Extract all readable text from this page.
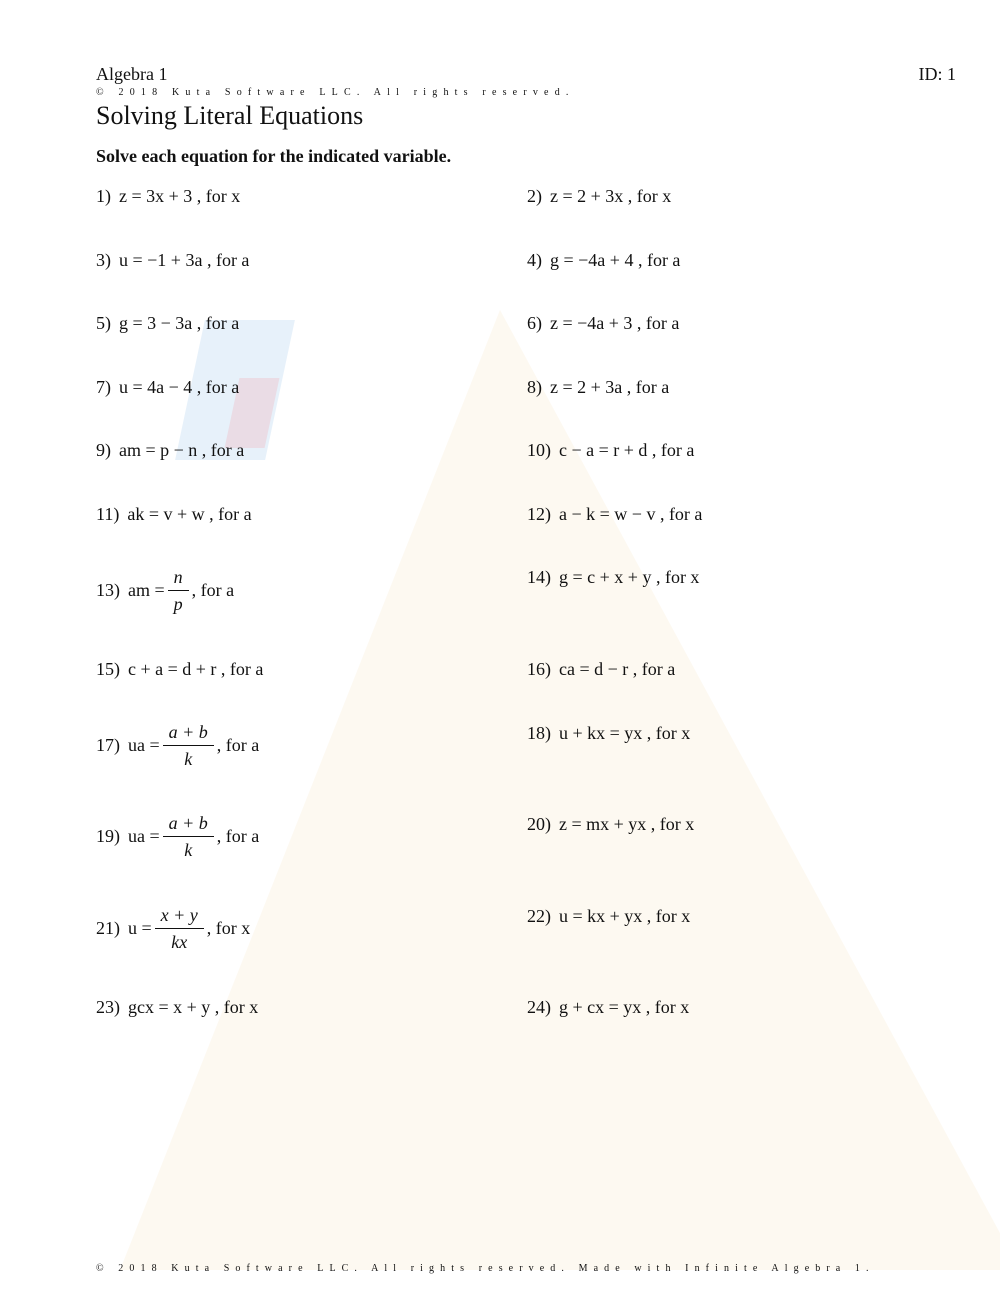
Algebra 1	ID: 1
© 2018 Kuta Software LLC. All rights reserved.
Solving Literal Equations
Solve each equation for the indicated variable.
1) z = 3x + 3 , for x
3) u = −1 + 3a , for a
5) g = 3 − 3a , for a
7) u = 4a − 4 , for a
9) am = p − n , for a
11) ak = v + w , for a
13) am = $\frac{n}{p}$ , for a
15) c + a = d + r , for a
17) ua = $\frac{a + b}{k}$ , for a
19) ua = $\frac{a + b}{k}$ , for a
21) $u = \frac{x + y}{kx}$ , for x
23) gcx = x + y , for x
2) z = 2 + 3x , for x
4) g = −4a + 4 , for a
6) z = −4a + 3 , for a
8) z = 2 + 3a , for a
10) c − a = r + d , for a
12) a − k = w − v , for a
14) g = c + x + y , for x
16) ca = d − r , for a
18) u + kx = yx , for x
20) z = mx + yx , for x
22) u = kx + yx , for x
24) g + cx = yx , for x
© 2018 Kuta Software LLC. All rights reserved. Made with Infinite Algebra 1.
